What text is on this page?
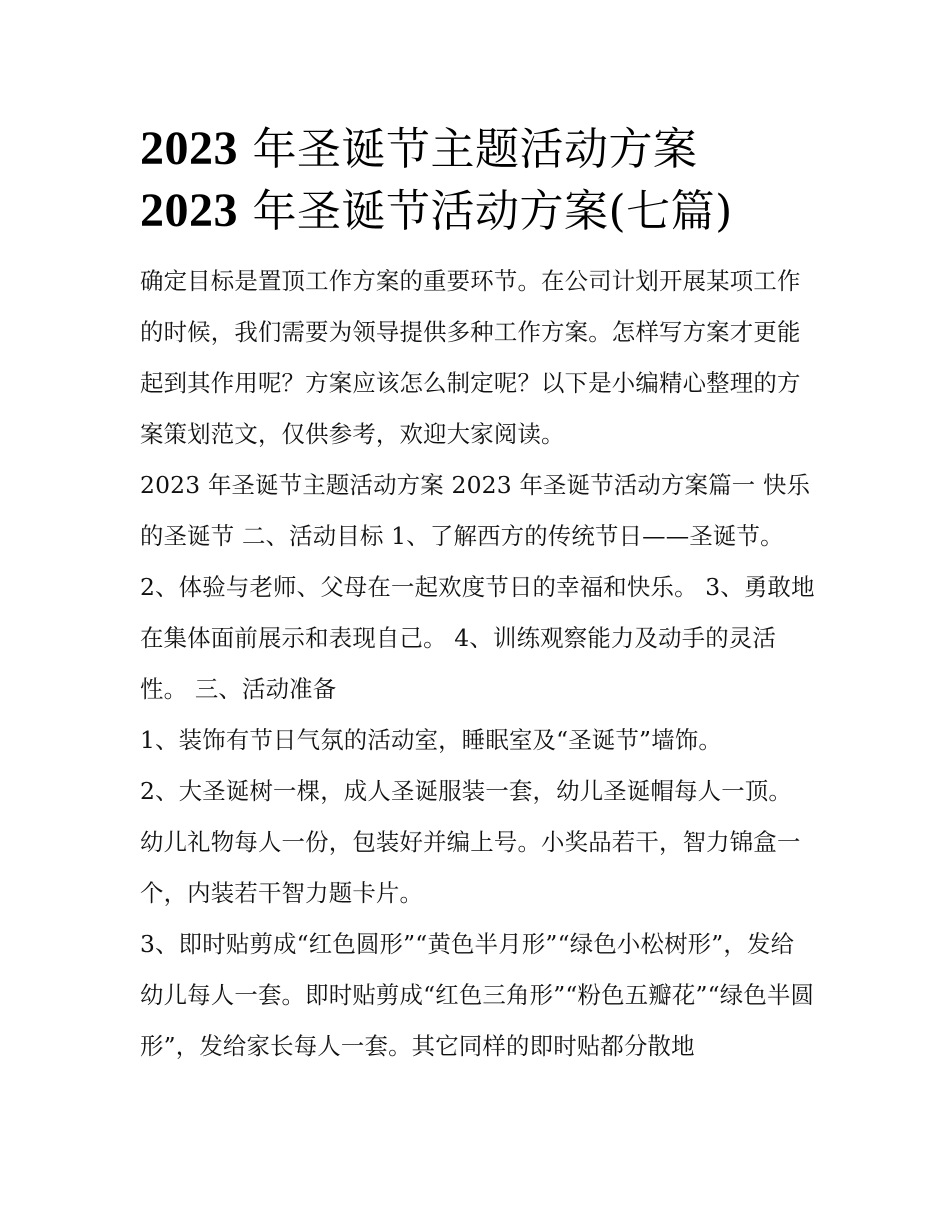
2023 年圣诞节主题活动方案
2023 年圣诞节活动方案(七篇)

确定目标是置顶工作方案的重要环节。在公司计划开展某项工作的时候，我们需要为领导提供多种工作方案。怎样写方案才更能起到其作用呢？方案应该怎么制定呢？以下是小编精心整理的方案策划范文，仅供参考，欢迎大家阅读。

2023 年圣诞节主题活动方案 2023 年圣诞节活动方案篇一 快乐的圣诞节 二、活动目标 1、了解西方的传统节日——圣诞节。2、体验与老师、父母在一起欢度节日的幸福和快乐。 3、勇敢地在集体面前展示和表现自己。 4、训练观察能力及动手的灵活性。 三、活动准备

1、装饰有节日气氛的活动室，睡眠室及“圣诞节”墙饰。

2、大圣诞树一棵，成人圣诞服装一套，幼儿圣诞帽每人一顶。幼儿礼物每人一份，包装好并编上号。小奖品若干，智力锦盒一个，内装若干智力题卡片。

3、即时贴剪成“红色圆形”“黄色半月形”“绿色小松树形”，发给幼儿每人一套。即时贴剪成“红色三角形”“粉色五瓣花”“绿色半圆形”，发给家长每人一套。其它同样的即时贴都分散地
